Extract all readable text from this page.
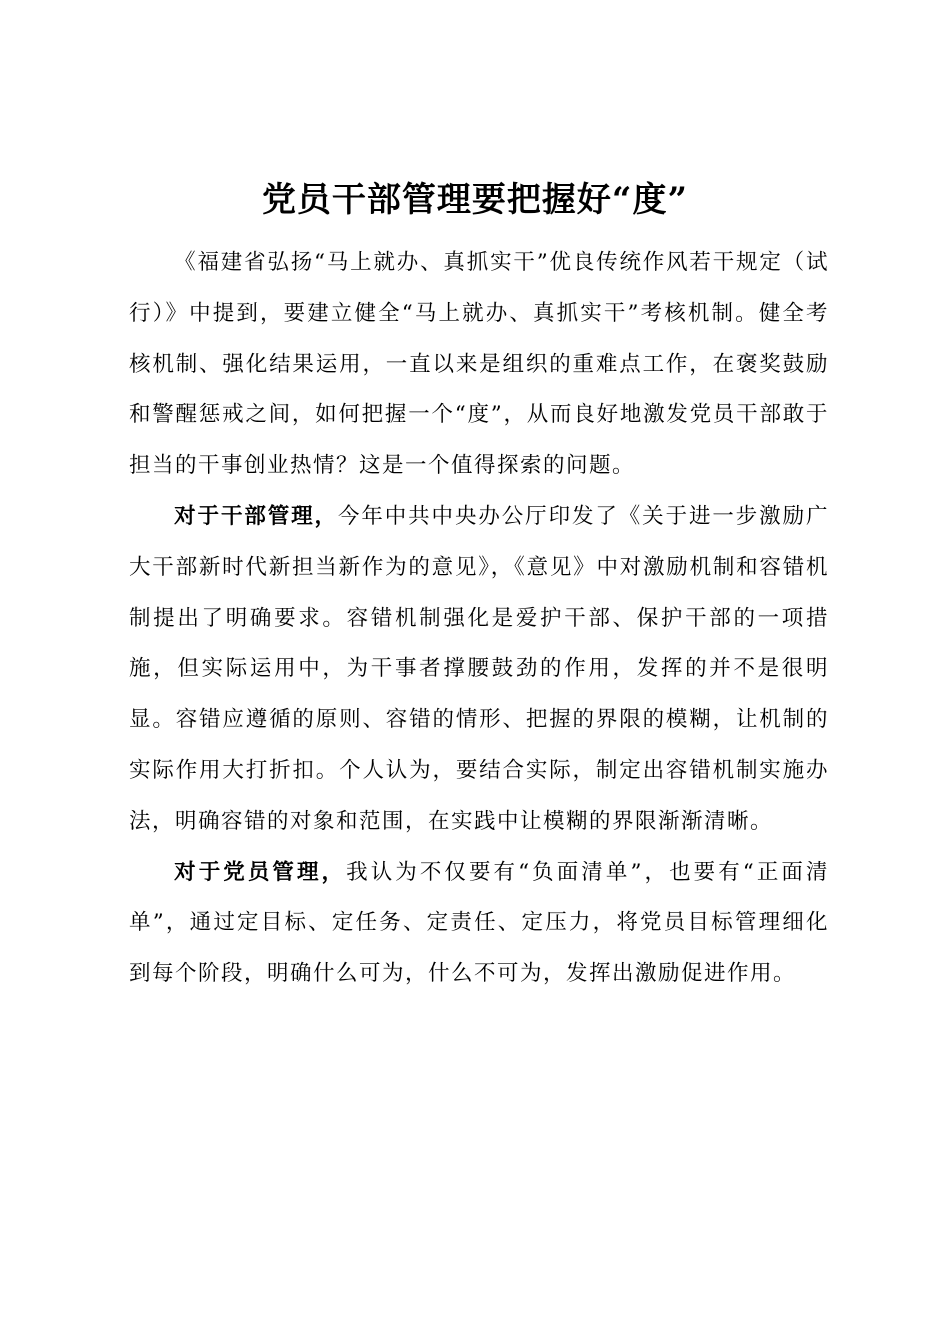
党员干部管理要把握好“度”

《福建省弘扬“马上就办、真抓实干”优良传统作风若干规定（试行）》中提到，要建立健全“马上就办、真抓实干”考核机制。健全考核机制、强化结果运用，一直以来是组织的重难点工作，在褒奖鼓励和警醒惩戒之间，如何把握一个“度”，从而良好地激发党员干部敢于担当的干事创业热情？这是一个值得探索的问题。

对于干部管理，今年中共中央办公厅印发了《关于进一步激励广大干部新时代新担当新作为的意见》，《意见》中对激励机制和容错机制提出了明确要求。容错机制强化是爱护干部、保护干部的一项措施，但实际运用中，为干事者撑腰鼓劲的作用，发挥的并不是很明显。容错应遵循的原则、容错的情形、把握的界限的模糊，让机制的实际作用大打折扣。个人认为，要结合实际，制定出容错机制实施办法，明确容错的对象和范围，在实践中让模糊的界限渐渐清晰。

对于党员管理，我认为不仅要有“负面清单”，也要有“正面清单”，通过定目标、定任务、定责任、定压力，将党员目标管理细化到每个阶段，明确什么可为，什么不可为，发挥出激励促进作用。
